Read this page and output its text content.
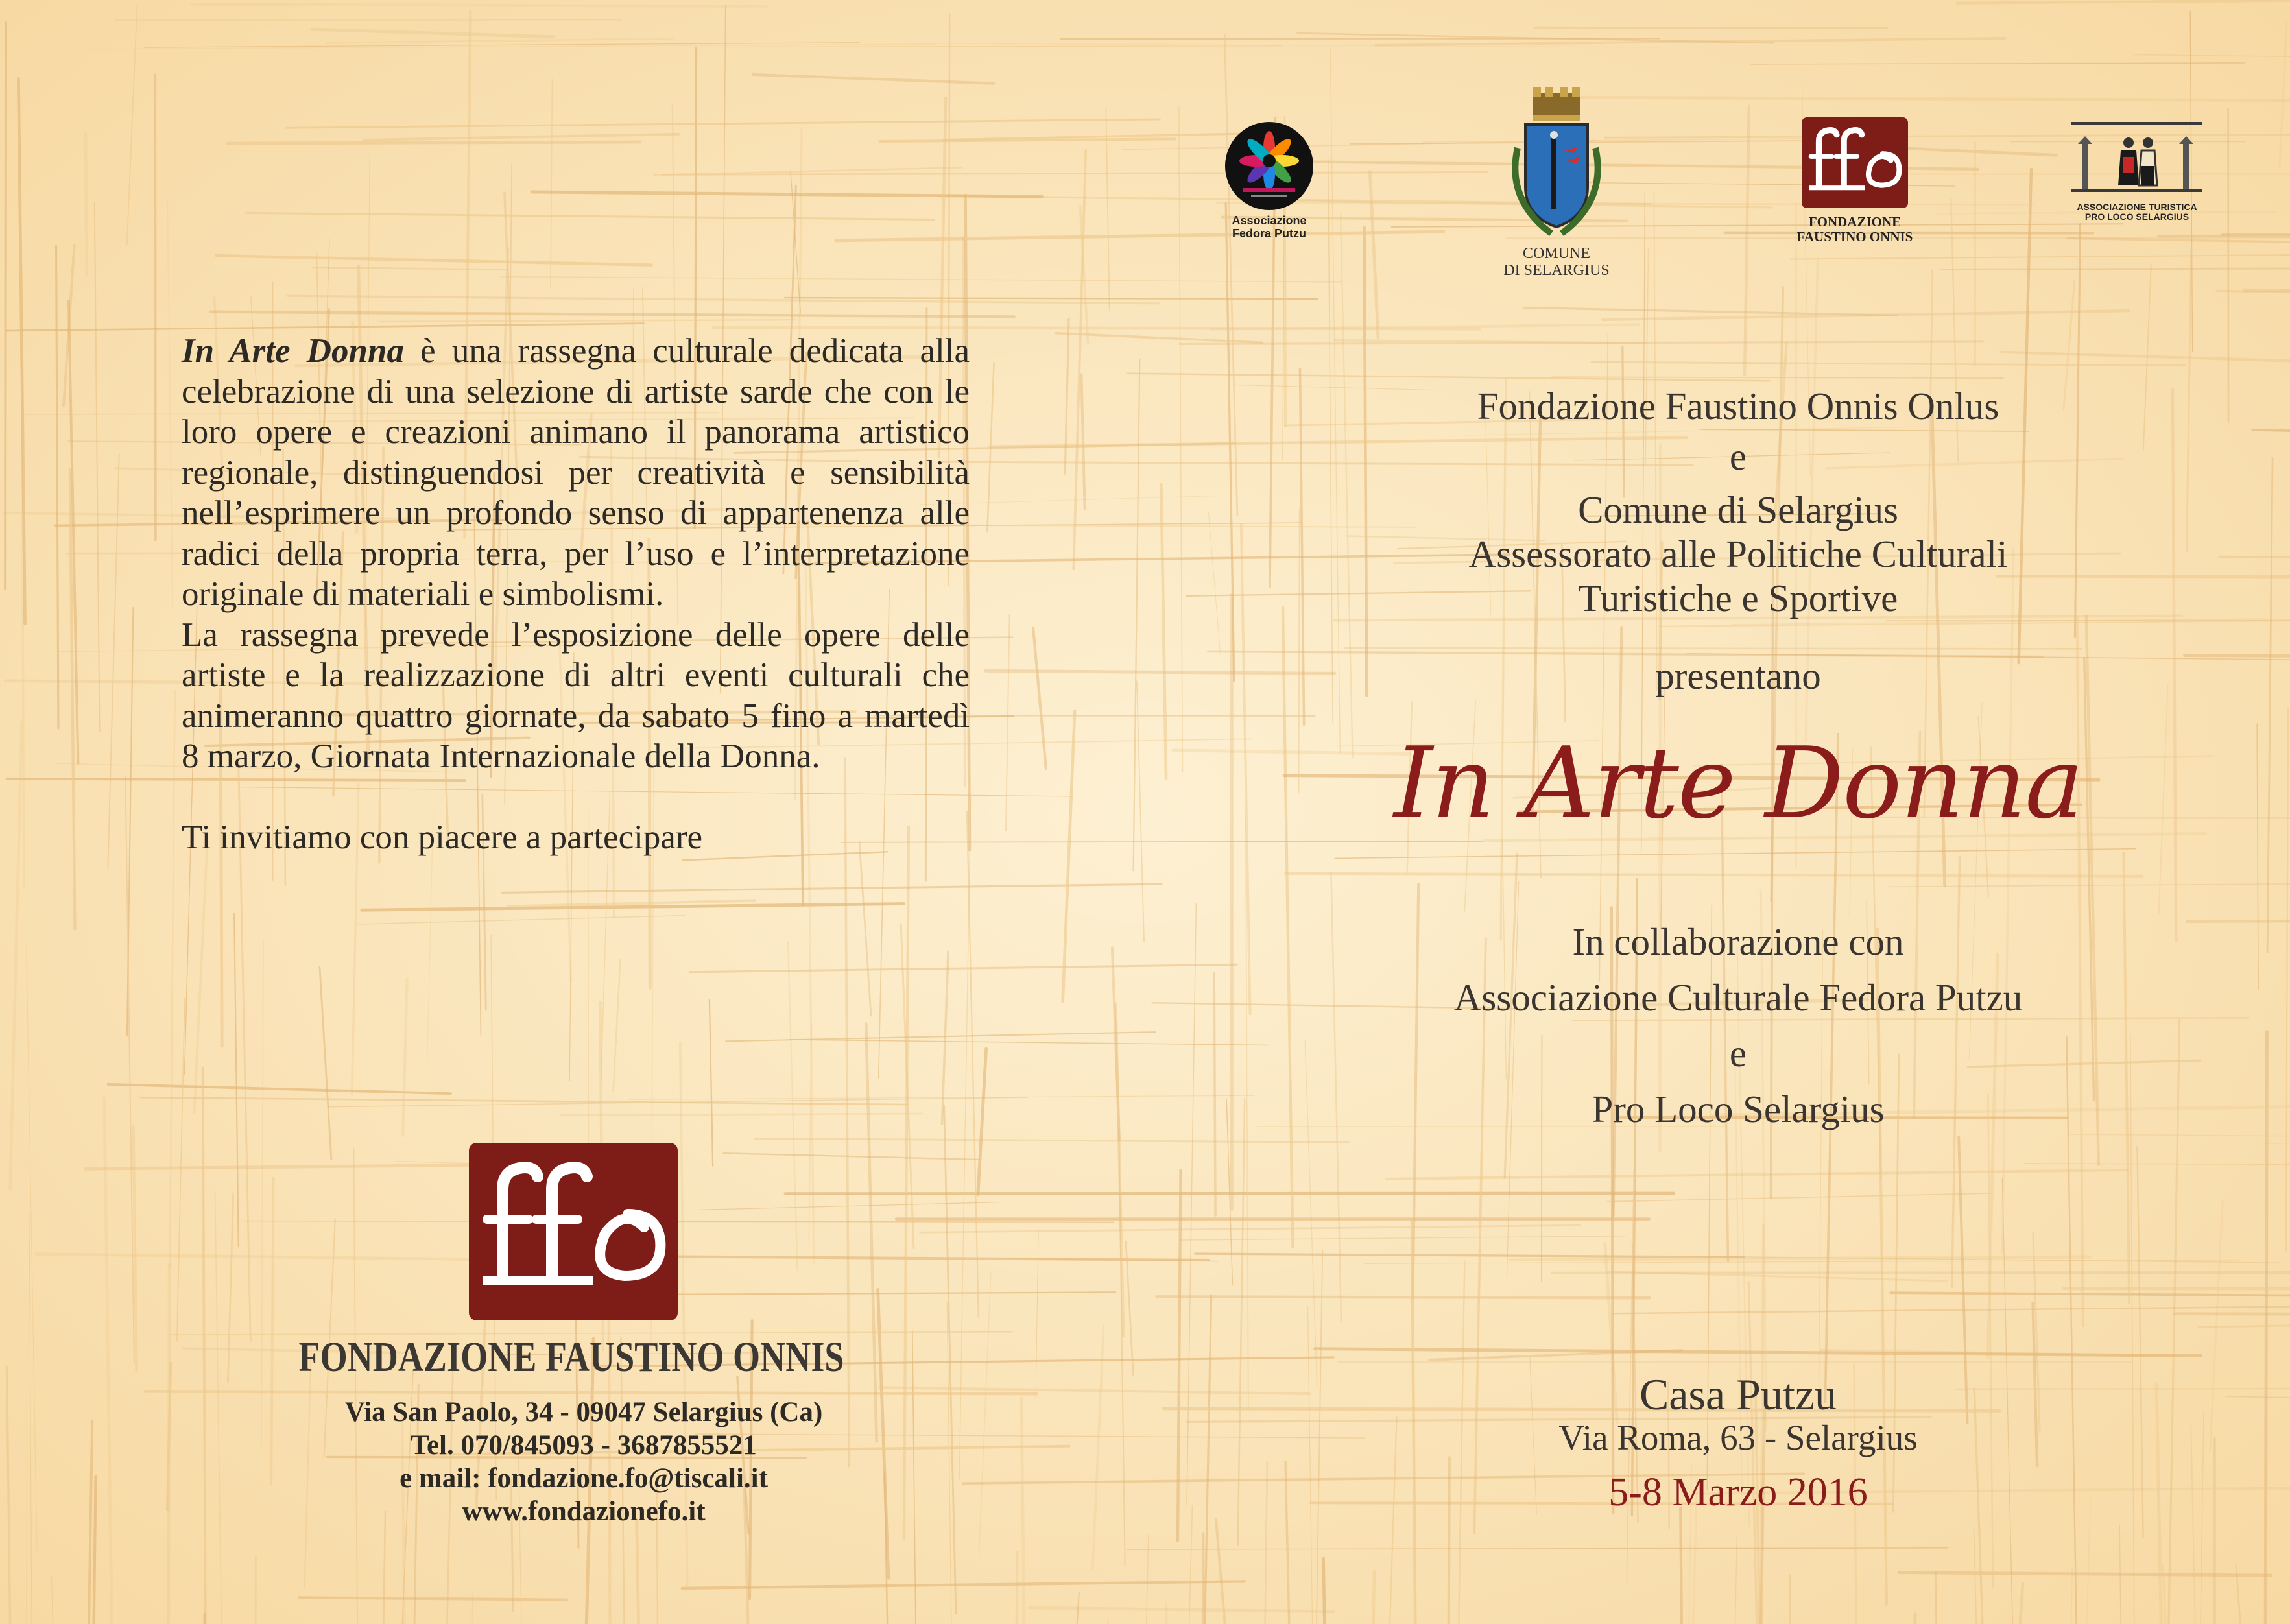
In Arte Donna è una rassegna culturale dedicata alla celebrazione di una selezione di artiste sarde che con le loro opere e creazioni animano il panorama artistico regionale, distinguendosi per creatività e sensibilità nell’esprimere un profondo senso di appartenenza alle radici della propria terra, per l’uso e l’interpretazione originale di materiali e simbolismi.

La rassegna prevede l’esposizione delle opere delle artiste e la realizzazione di altri eventi culturali che animeranno quattro giornate, da sabato 5 fino a martedì 8 marzo, Giornata Internazionale della Donna.

Ti invitiamo con piacere a partecipare

FONDAZIONE FAUSTINO ONNIS
Via San Paolo, 34 - 09047 Selargius (Ca)
Tel. 070/845093 - 3687855521
e mail: fondazione.fo@tiscali.it
www.fondazionefo.it
Associazione
Fedora Putzu
COMUNE
DI SELARGIUS
FONDAZIONE
FAUSTINO ONNIS
ASSOCIAZIONE TURISTICA
PRO LOCO SELARGIUS
Fondazione Faustino Onnis Onlus
e
Comune di Selargius
Assessorato alle Politiche Culturali
Turistiche e Sportive
presentano
In Arte Donna
In collaborazione con
Associazione Culturale Fedora Putzu
e
Pro Loco Selargius
Casa Putzu
Via Roma, 63 - Selargius
5-8 Marzo 2016
